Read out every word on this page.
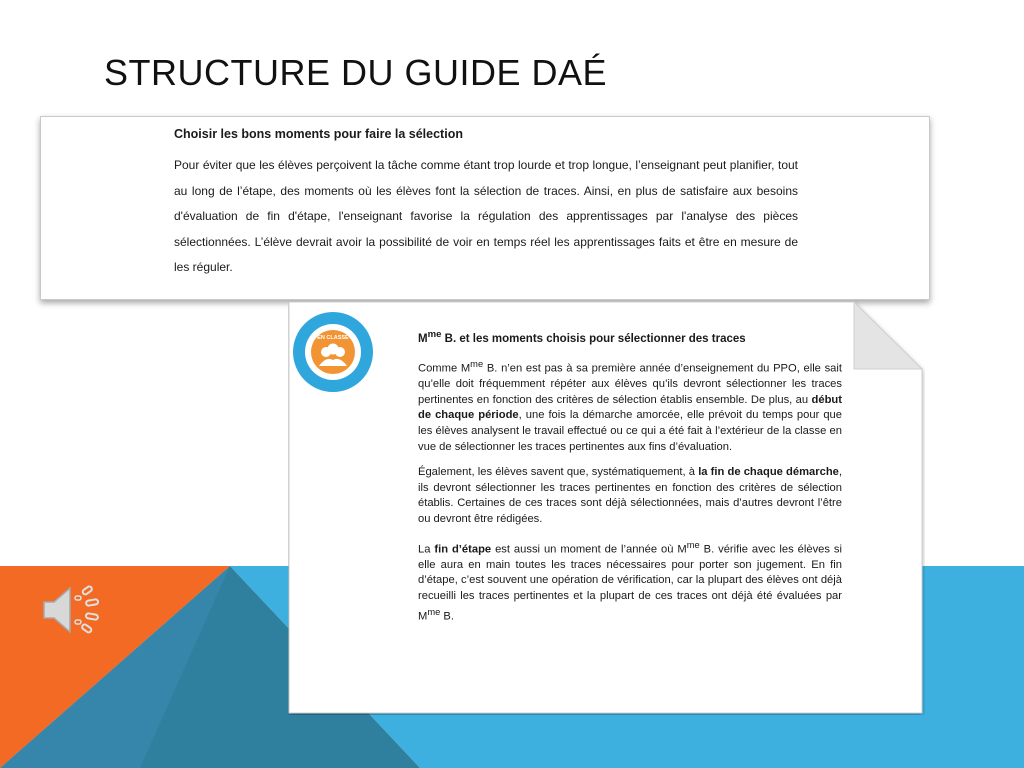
STRUCTURE DU GUIDE DAÉ
Choisir les bons moments pour faire la sélection

Pour éviter que les élèves perçoivent la tâche comme étant trop lourde et trop longue, l’enseignant peut planifier, tout au long de l’étape, des moments où les élèves font la sélection de traces. Ainsi, en plus de satisfaire aux besoins d'évaluation de fin d'étape, l'enseignant favorise la régulation des apprentissages par l'analyse des pièces sélectionnées. L’élève devrait avoir la possibilité de voir en temps réel les apprentissages faits et être en mesure de les réguler.

EN CLASSE	$M^{me}$ B. et les moments choisis pour sélectionner des traces

Comme $M^{me}$ B. n’en est pas à sa première année d’enseignement du PPO, elle sait qu’elle doit fréquemment répéter aux élèves qu’ils devront sélectionner les traces pertinentes en fonction des critères de sélection établis ensemble. De plus, au début de chaque période, une fois la démarche amorcée, elle prévoit du temps pour que les élèves analysent le travail effectué ou ce qui a été fait à l’extérieur de la classe en vue de sélectionner les traces pertinentes aux fins d’évaluation.

Également, les élèves savent que, systématiquement, à la fin de chaque démarche, ils devront sélectionner les traces pertinentes en fonction des critères de sélection établis. Certaines de ces traces sont déjà sélectionnées, mais d’autres devront l’être ou devront être rédigées.

La fin d’étape est aussi un moment de l’année où $M^{me}$ B. vérifie avec les élèves si elle aura en main toutes les traces nécessaires pour porter son jugement. En fin d’étape, c’est souvent une opération de vérification, car la plupart des élèves ont déjà recueilli les traces pertinentes et la plupart de ces traces ont déjà été évaluées par $M^{me}$ B.
